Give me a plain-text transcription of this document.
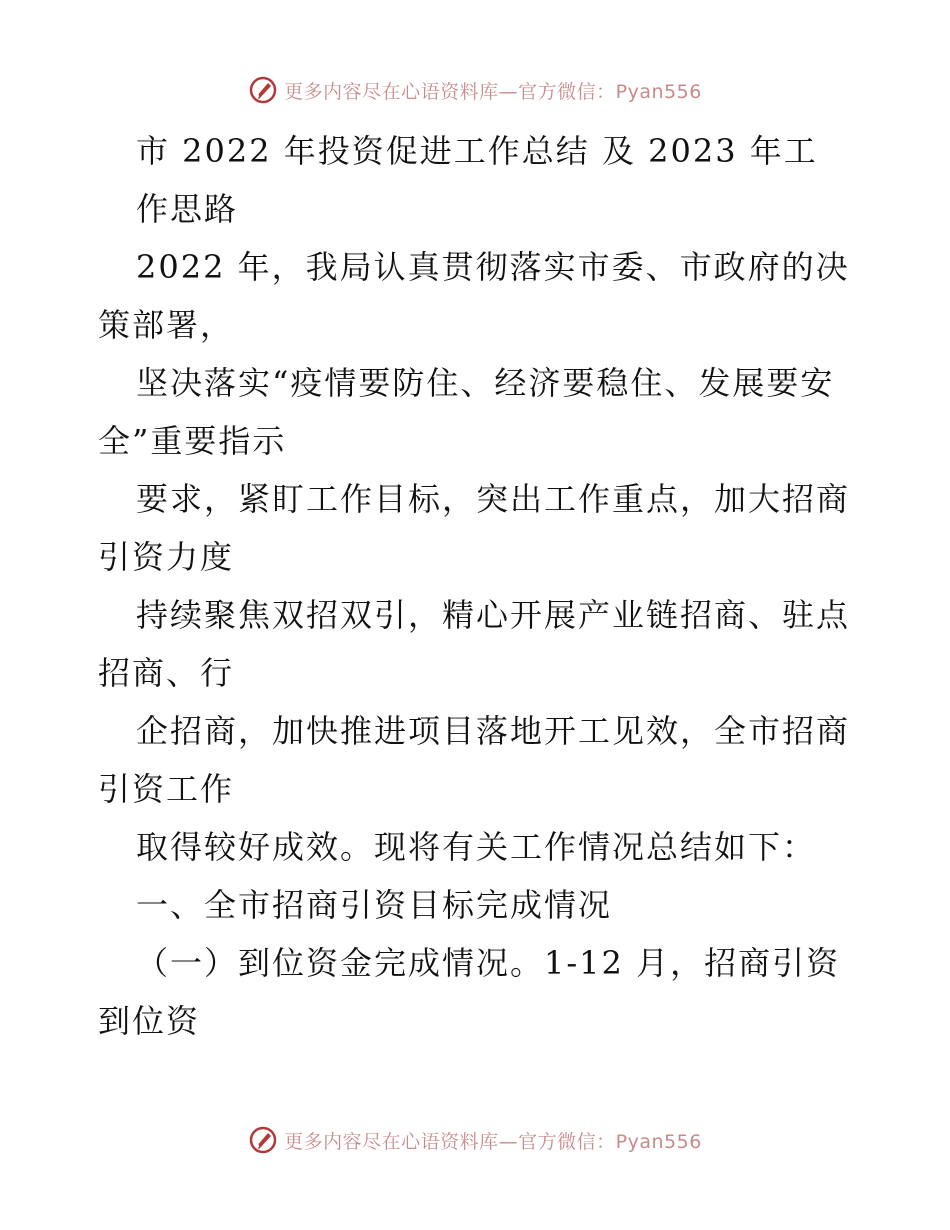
更多内容尽在心语资料库—官方微信：Pyan556
市 2022 年投资促进工作总结 及 2023 年工
作思路
2022 年，我局认真贯彻落实市委、市政府的决
策部署，
坚决落实“疫情要防住、经济要稳住、发展要安
全”重要指示
要求，紧盯工作目标，突出工作重点，加大招商
引资力度
持续聚焦双招双引，精心开展产业链招商、驻点
招商、行
企招商，加快推进项目落地开工见效，全市招商
引资工作
取得较好成效。现将有关工作情况总结如下：
一、全市招商引资目标完成情况
（一）到位资金完成情况。1-12 月，招商引资
到位资
更多内容尽在心语资料库—官方微信：Pyan556
